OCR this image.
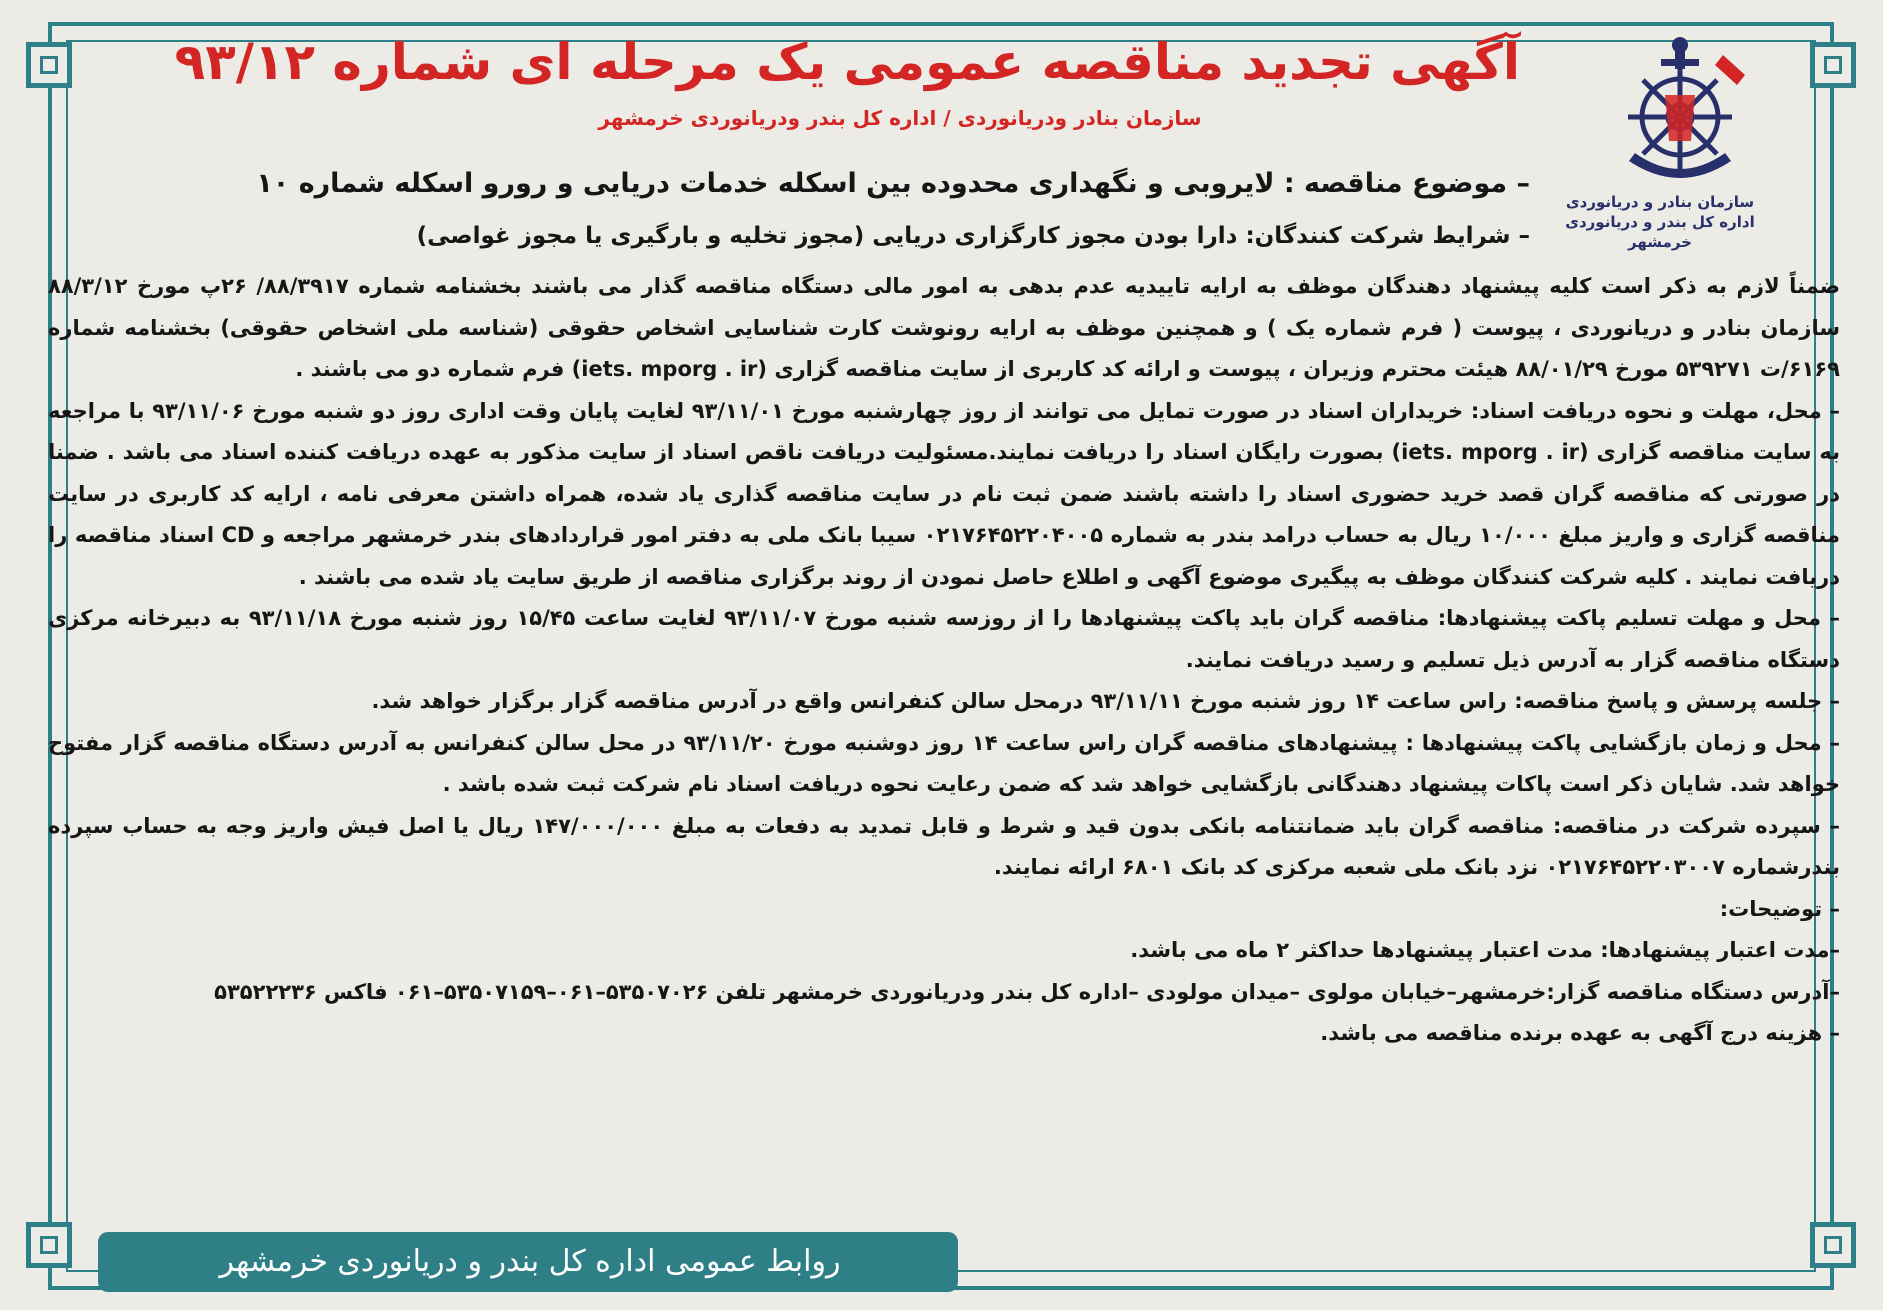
سازمان بنادر و دریانوردی
اداره کل بندر و دریانوردی خرمشهر
آگهی تجدید مناقصه عمومی یک مرحله ای شماره ۹۳/۱۲
سازمان بنادر ودریانوردی / اداره کل بندر ودریانوردی خرمشهر
– موضوع مناقصه : لایروبی و نگهداری محدوده بین اسکله خدمات دریایی و رورو اسکله شماره ۱۰
– شرایط شرکت کنندگان: دارا بودن مجوز کارگزاری دریایی (مجوز تخلیه و بارگیری یا مجوز غواصی)

ضمناً لازم به ذکر است کلیه پیشنهاد دهندگان موظف به ارایه تاییدیه عدم بدهی به امور مالی دستگاه مناقصه گذار می باشند بخشنامه شماره ۸۸/۳۹۱۷/ ۲۶پ مورخ ۸۸/۳/۱۲ سازمان بنادر و دریانوردی ، پیوست ( فرم شماره یک ) و همچنین موظف به ارایه رونوشت کارت شناسایی اشخاص حقوقی (شناسه ملی اشخاص حقوقی) بخشنامه شماره ۶۱۶۹/ت ۵۳۹۲۷۱ مورخ ۸۸/۰۱/۲۹ هیئت محترم وزیران ، پیوست و ارائه کد کاربری از سایت مناقصه گزاری (iets. mporg . ir) فرم شماره دو می باشند .

– محل، مهلت و نحوه دریافت اسناد: خریداران اسناد در صورت تمایل می توانند از روز چهارشنبه مورخ ۹۳/۱۱/۰۱ لغایت پایان وقت اداری روز دو شنبه مورخ ۹۳/۱۱/۰۶ با مراجعه به سایت مناقصه گزاری (iets. mporg . ir) بصورت رایگان اسناد را دریافت نمایند.مسئولیت دریافت ناقص اسناد از سایت مذکور به عهده دریافت کننده اسناد می باشد . ضمنا در صورتی که مناقصه گران قصد خرید حضوری اسناد را داشته باشند ضمن ثبت نام در سایت مناقصه گذاری یاد شده، همراه داشتن معرفی نامه ، ارایه کد کاربری در سایت مناقصه گزاری و واریز مبلغ ۱۰/۰۰۰ ریال به حساب درامد بندر به شماره ۰۲۱۷۶۴۵۲۲۰۴۰۰۵ سیبا بانک ملی به دفتر امور قراردادهای بندر خرمشهر مراجعه و CD اسناد مناقصه را دریافت نمایند . کلیه شرکت کنندگان موظف به پیگیری موضوع آگهی و اطلاع حاصل نمودن از روند برگزاری مناقصه از طریق سایت یاد شده می باشند .

– محل و مهلت تسلیم پاکت پیشنهادها: مناقصه گران باید پاکت پیشنهادها را از روزسه شنبه مورخ ۹۳/۱۱/۰۷ لغایت ساعت ۱۵/۴۵ روز شنبه مورخ ۹۳/۱۱/۱۸ به دبیرخانه مرکزی دستگاه مناقصه گزار به آدرس ذیل تسلیم و رسید دریافت نمایند.

– جلسه پرسش و پاسخ مناقصه: راس ساعت ۱۴ روز شنبه مورخ ۹۳/۱۱/۱۱ درمحل سالن کنفرانس واقع در آدرس مناقصه گزار برگزار خواهد شد.

– محل و زمان بازگشایی پاکت پیشنهادها : پیشنهادهای مناقصه گران راس ساعت ۱۴ روز دوشنبه مورخ ۹۳/۱۱/۲۰ در محل سالن کنفرانس به آدرس دستگاه مناقصه گزار مفتوح خواهد شد. شایان ذکر است پاکات پیشنهاد دهندگانی بازگشایی خواهد شد که ضمن رعایت نحوه دریافت اسناد نام شرکت ثبت شده باشد .

– سپرده شرکت در مناقصه: مناقصه گران باید ضمانتنامه بانکی بدون قید و شرط و قابل تمدید به دفعات به مبلغ ۱۴۷/۰۰۰/۰۰۰ ریال یا اصل فیش واریز وجه به حساب سپرده بندرشماره ۰۲۱۷۶۴۵۲۲۰۳۰۰۷ نزد بانک ملی شعبه مرکزی کد بانک ۶۸۰۱ ارائه نمایند.

– توضیحات:

–مدت اعتبار پیشنهادها: مدت اعتبار پیشنهادها حداکثر ۲ ماه می باشد.

–آدرس دستگاه مناقصه گزار:خرمشهر–خیابان مولوی –میدان مولودی –اداره کل بندر ودریانوردی خرمشهر تلفن ۵۳۵۰۷۰۲۶–۰۶۱–۵۳۵۰۷۱۵۹–۰۶۱ فاکس ۵۳۵۲۲۲۳۶

– هزینه درج آگهی به عهده برنده مناقصه می باشد.

روابط عمومی اداره کل بندر و دریانوردی خرمشهر
